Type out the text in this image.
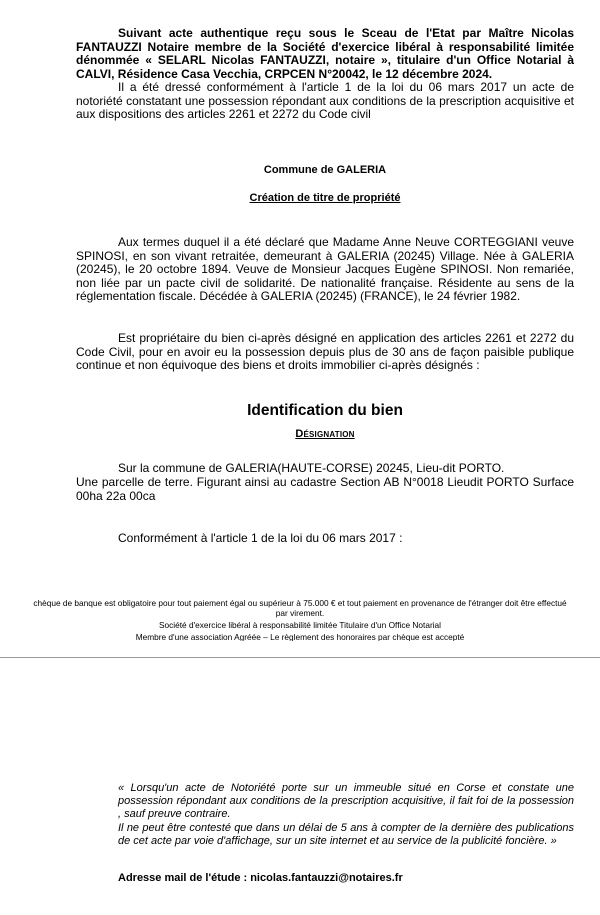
Suivant acte authentique reçu sous le Sceau de l'Etat par Maître Nicolas FANTAUZZI Notaire membre de la Société d'exercice libéral à responsabilité limitée dénommée « SELARL Nicolas FANTAUZZI, notaire », titulaire d'un Office Notarial à CALVI, Résidence Casa Vecchia, CRPCEN N°20042, le 12 décembre 2024.
Il a été dressé conformément à l'article 1 de la loi du 06 mars 2017 un acte de notoriété constatant une possession répondant aux conditions de la prescription acquisitive et aux dispositions des articles 2261 et 2272 du Code civil
Commune de GALERIA
Création de titre de propriété
Aux termes duquel il a été déclaré que Madame Anne Neuve CORTEGGIANI veuve SPINOSI, en son vivant retraitée, demeurant à GALERIA (20245) Village. Née à GALERIA (20245), le 20 octobre 1894. Veuve de Monsieur Jacques Eugène SPINOSI. Non remariée, non liée par un pacte civil de solidarité. De nationalité française. Résidente au sens de la réglementation fiscale. Décédée à GALERIA (20245) (FRANCE), le 24 février 1982.
Est propriétaire du bien ci-après désigné en application des articles 2261 et 2272 du Code Civil, pour en avoir eu la possession depuis plus de 30 ans de façon paisible publique continue et non équivoque des biens et droits immobilier ci-après désignés :
Identification du bien
Désignation
Sur la commune de GALERIA(HAUTE-CORSE) 20245, Lieu-dit PORTO.
Une parcelle de terre. Figurant ainsi au cadastre Section AB N°0018 Lieudit PORTO Surface 00ha 22a 00ca
Conformément à l'article 1 de la loi du 06 mars 2017 :
chèque de banque est obligatoire pour tout paiement égal ou supérieur à 75.000 € et tout paiement en provenance de l'étranger doit être effectué
par virement.
Société d'exercice libéral à responsabilité limitée Titulaire d'un Office Notarial
Membre d'une association Agréée – Le règlement des honoraires par chèque est accepté
« Lorsqu'un acte de Notoriété porte sur un immeuble situé en Corse et constate une possession répondant aux conditions de la prescription acquisitive, il fait foi de la possession , sauf preuve contraire.
Il ne peut être contesté que dans un délai de 5 ans à compter de la dernière des publications de cet acte par voie d'affichage, sur un site internet et au service de la publicité foncière. »
Adresse mail de l'étude : nicolas.fantauzzi@notaires.fr
